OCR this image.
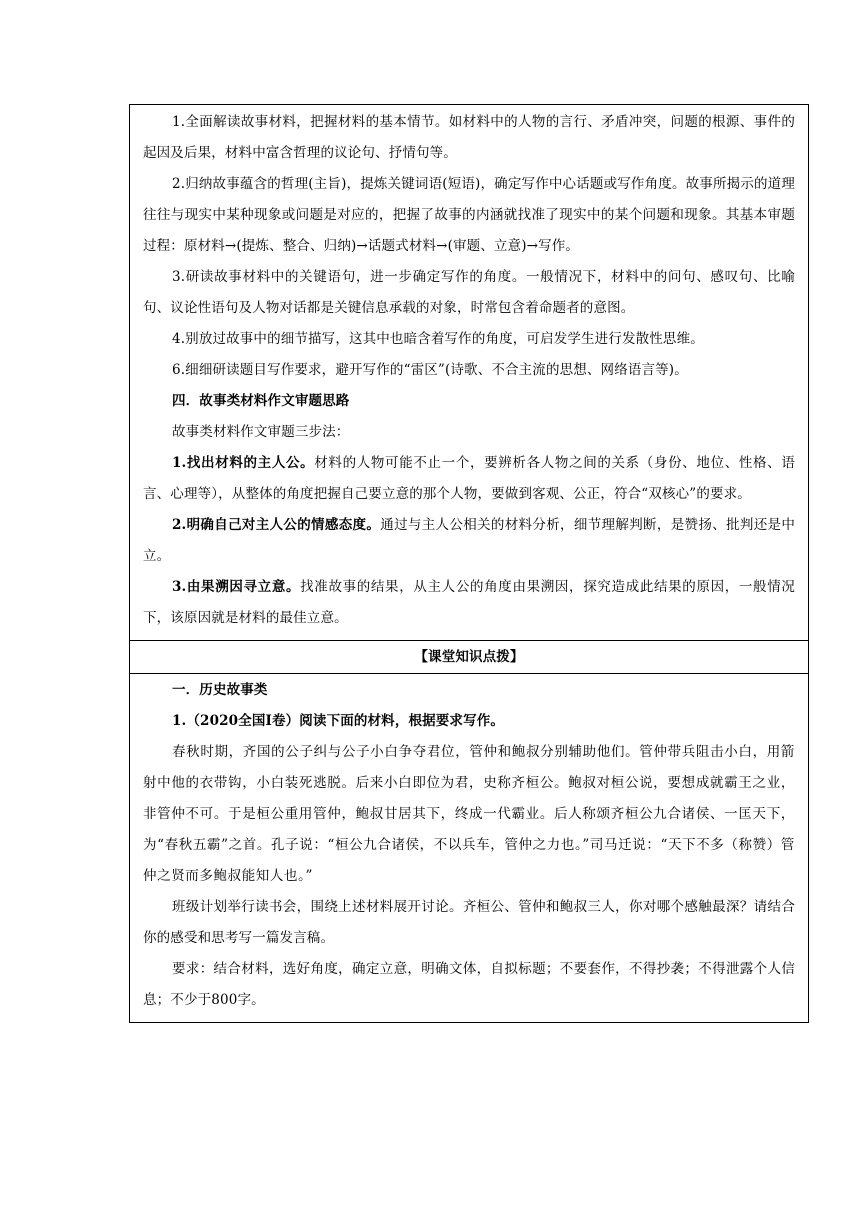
1.全面解读故事材料，把握材料的基本情节。如材料中的人物的言行、矛盾冲突，问题的根源、事件的起因及后果，材料中富含哲理的议论句、抒情句等。

2.归纳故事蕴含的哲理(主旨)，提炼关键词语(短语)，确定写作中心话题或写作角度。故事所揭示的道理往往与现实中某种现象或问题是对应的，把握了故事的内涵就找准了现实中的某个问题和现象。其基本审题过程：原材料→(提炼、整合、归纳)→话题式材料→(审题、立意)→写作。

3.研读故事材料中的关键语句，进一步确定写作的角度。一般情况下，材料中的问句、感叹句、比喻句、议论性语句及人物对话都是关键信息承载的对象，时常包含着命题者的意图。

4.别放过故事中的细节描写，这其中也暗含着写作的角度，可启发学生进行发散性思维。

6.细细研读题目写作要求，避开写作的“雷区”(诗歌、不合主流的思想、网络语言等)。

四．故事类材料作文审题思路

故事类材料作文审题三步法：

1.找出材料的主人公。材料的人物可能不止一个，要辨析各人物之间的关系（身份、地位、性格、语言、心理等），从整体的角度把握自己要立意的那个人物，要做到客观、公正，符合“双核心”的要求。

2.明确自己对主人公的情感态度。通过与主人公相关的材料分析，细节理解判断，是赞扬、批判还是中立。

3.由果溯因寻立意。找准故事的结果，从主人公的角度由果溯因，探究造成此结果的原因，一般情况下，该原因就是材料的最佳立意。

【课堂知识点拨】

一．历史故事类

1.（2020全国Ⅰ卷）阅读下面的材料，根据要求写作。

春秋时期，齐国的公子纠与公子小白争夺君位，管仲和鲍叔分别辅助他们。管仲带兵阻击小白，用箭射中他的衣带钩，小白装死逃脱。后来小白即位为君，史称齐桓公。鲍叔对桓公说，要想成就霸王之业，非管仲不可。于是桓公重用管仲，鲍叔甘居其下，终成一代霸业。后人称颂齐桓公九合诸侯、一匡天下，为“春秋五霸”之首。孔子说：“桓公九合诸侯，不以兵车，管仲之力也。”司马迁说：“天下不多（称赞）管仲之贤而多鲍叔能知人也。”

班级计划举行读书会，围绕上述材料展开讨论。齐桓公、管仲和鲍叔三人，你对哪个感触最深？请结合你的感受和思考写一篇发言稿。

要求：结合材料，选好角度，确定立意，明确文体，自拟标题；不要套作，不得抄袭；不得泄露个人信息；不少于800字。
